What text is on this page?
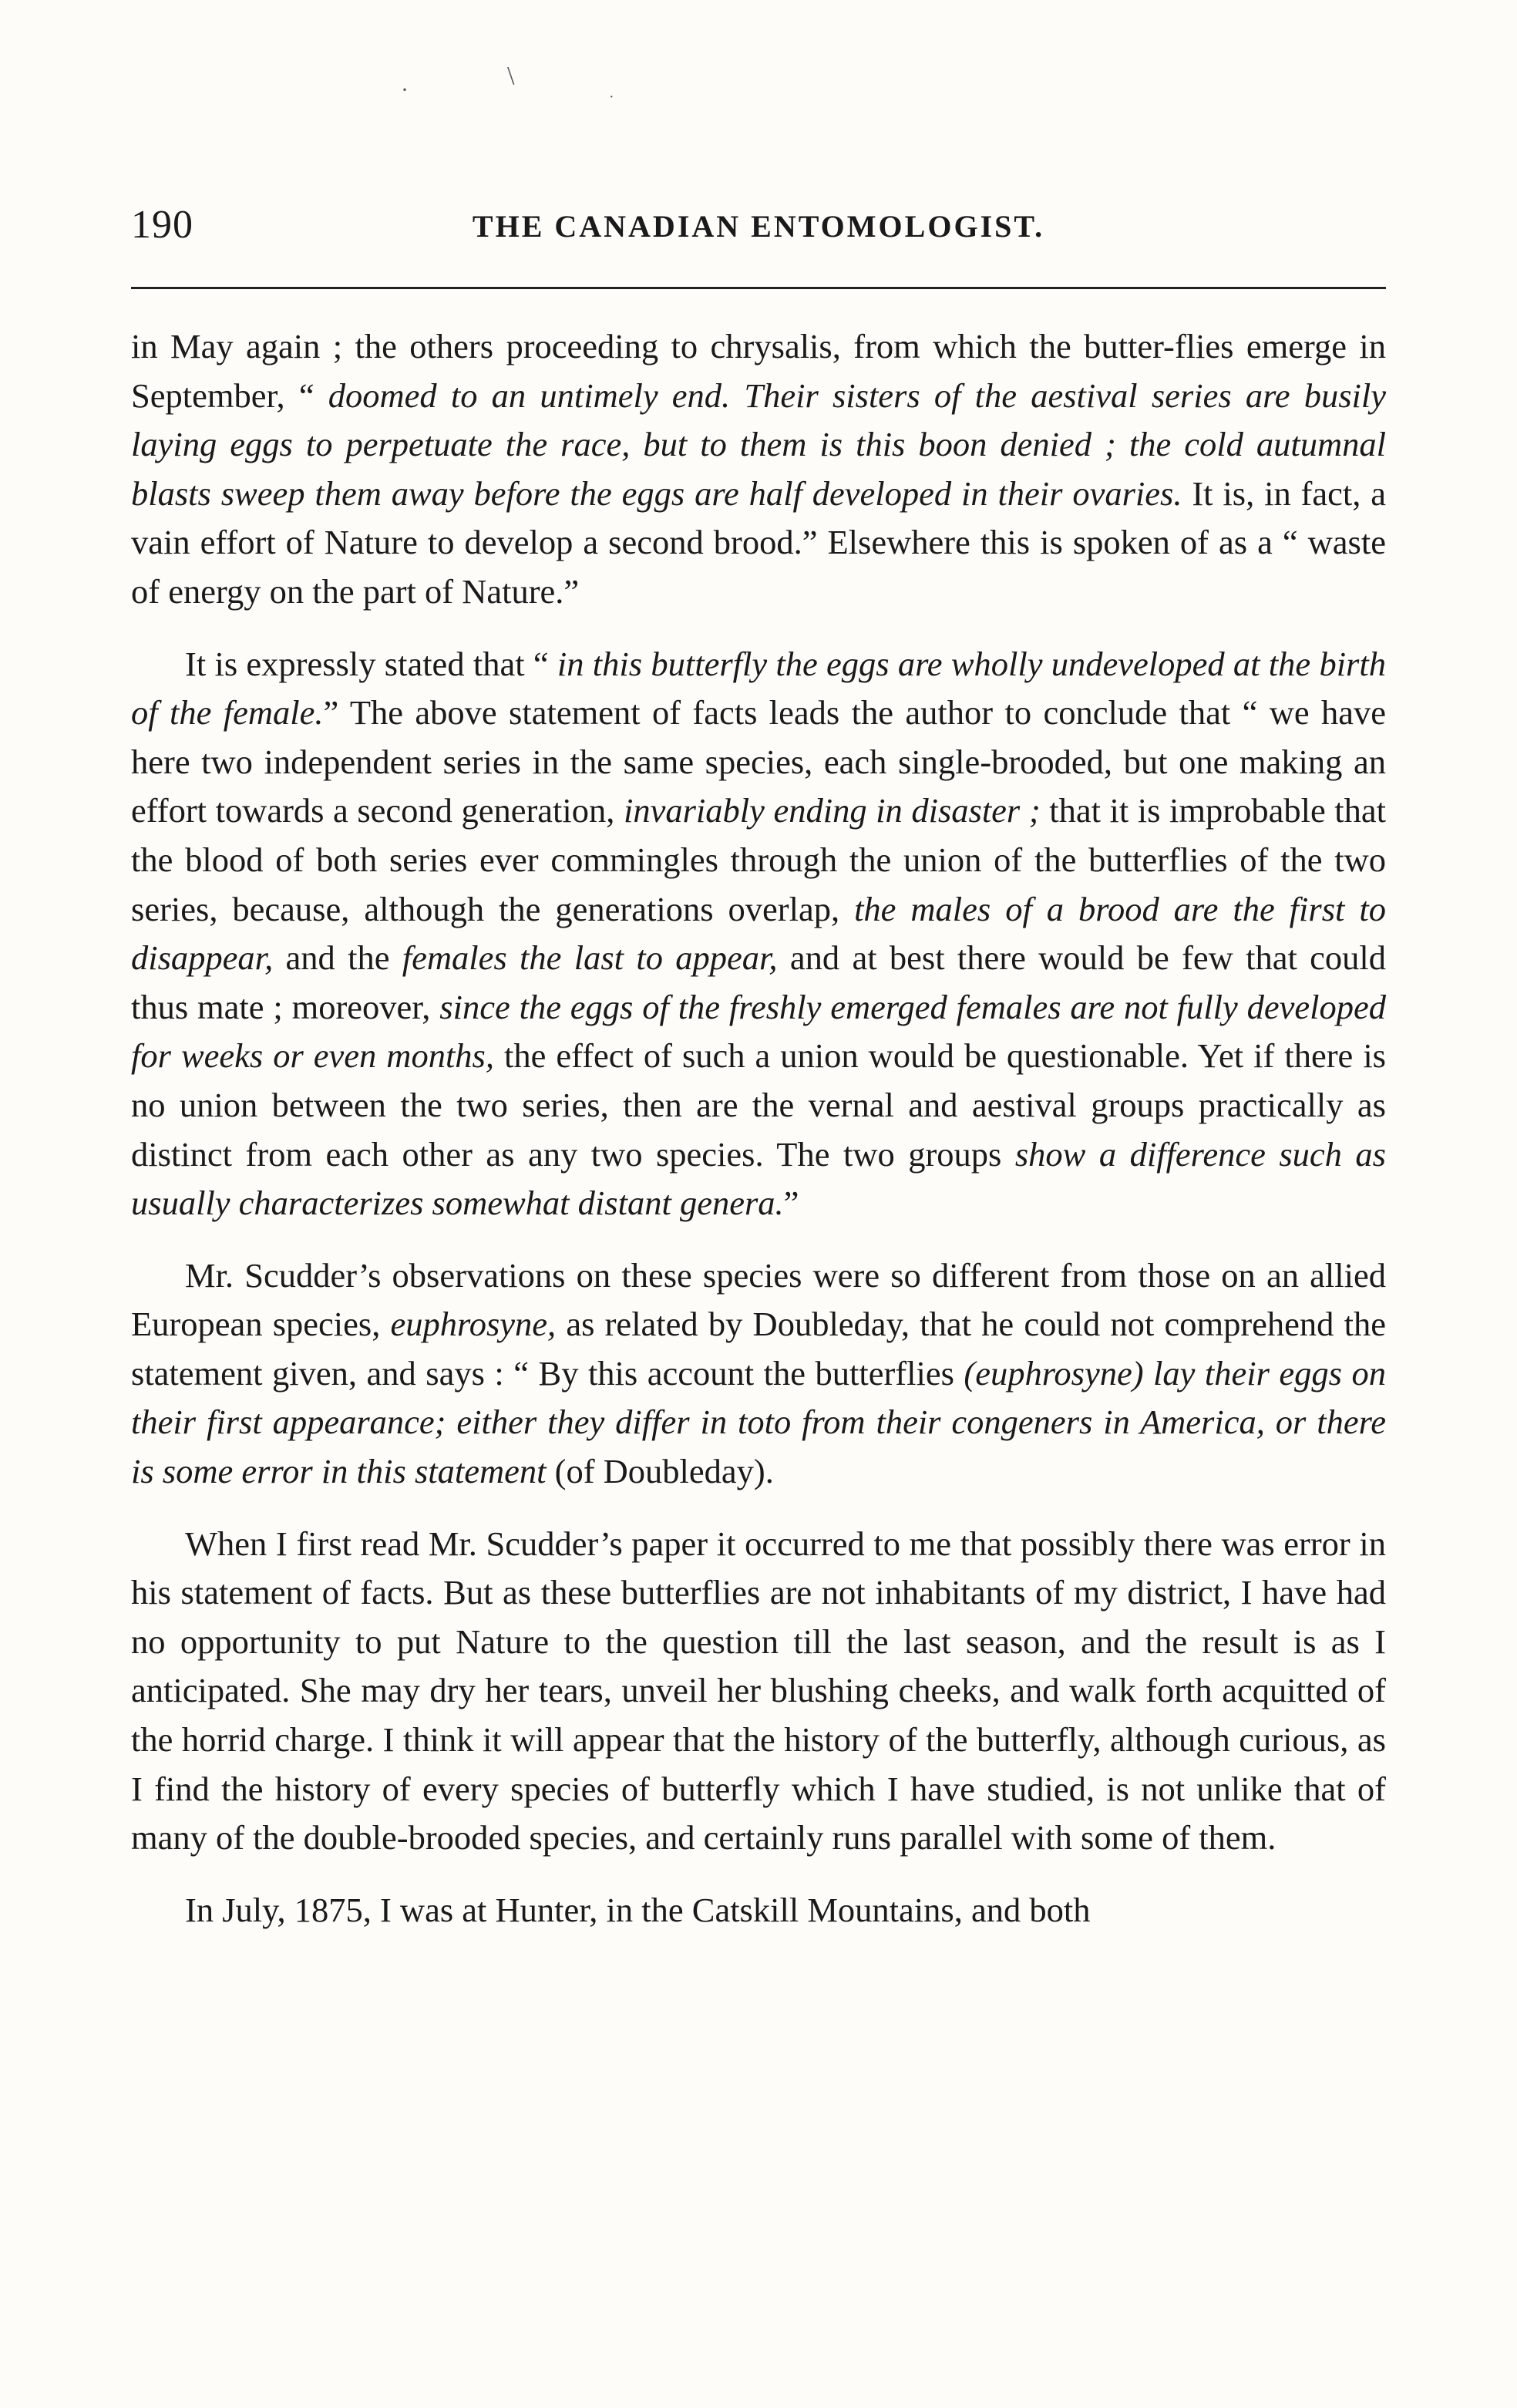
·	\
·
190	THE CANADIAN ENTOMOLOGIST.

in May again ; the others proceeding to chrysalis, from which the butter-flies emerge in September, “ doomed to an untimely end. Their sisters of the aestival series are busily laying eggs to perpetuate the race, but to them is this boon denied ; the cold autumnal blasts sweep them away before the eggs are half developed in their ovaries. It is, in fact, a vain effort of Nature to develop a second brood.” Elsewhere this is spoken of as a “ waste of energy on the part of Nature.”

It is expressly stated that “ in this butterfly the eggs are wholly undeveloped at the birth of the female.” The above statement of facts leads the author to conclude that “ we have here two independent series in the same species, each single-brooded, but one making an effort towards a second generation, invariably ending in disaster ; that it is improbable that the blood of both series ever commingles through the union of the butterflies of the two series, because, although the generations overlap, the males of a brood are the first to disappear, and the females the last to appear, and at best there would be few that could thus mate ; moreover, since the eggs of the freshly emerged females are not fully developed for weeks or even months, the effect of such a union would be questionable. Yet if there is no union between the two series, then are the vernal and aestival groups practically as distinct from each other as any two species. The two groups show a difference such as usually characterizes somewhat distant genera.”

Mr. Scudder’s observations on these species were so different from those on an allied European species, euphrosyne, as related by Doubleday, that he could not comprehend the statement given, and says : “ By this account the butterflies (euphrosyne) lay their eggs on their first appearance; either they differ in toto from their congeners in America, or there is some error in this statement (of Doubleday).

When I first read Mr. Scudder’s paper it occurred to me that possibly there was error in his statement of facts. But as these butterflies are not inhabitants of my district, I have had no opportunity to put Nature to the question till the last season, and the result is as I anticipated. She may dry her tears, unveil her blushing cheeks, and walk forth acquitted of the horrid charge. I think it will appear that the history of the butterfly, although curious, as I find the history of every species of butterfly which I have studied, is not unlike that of many of the double-brooded species, and certainly runs parallel with some of them.

In July, 1875, I was at Hunter, in the Catskill Mountains, and both
